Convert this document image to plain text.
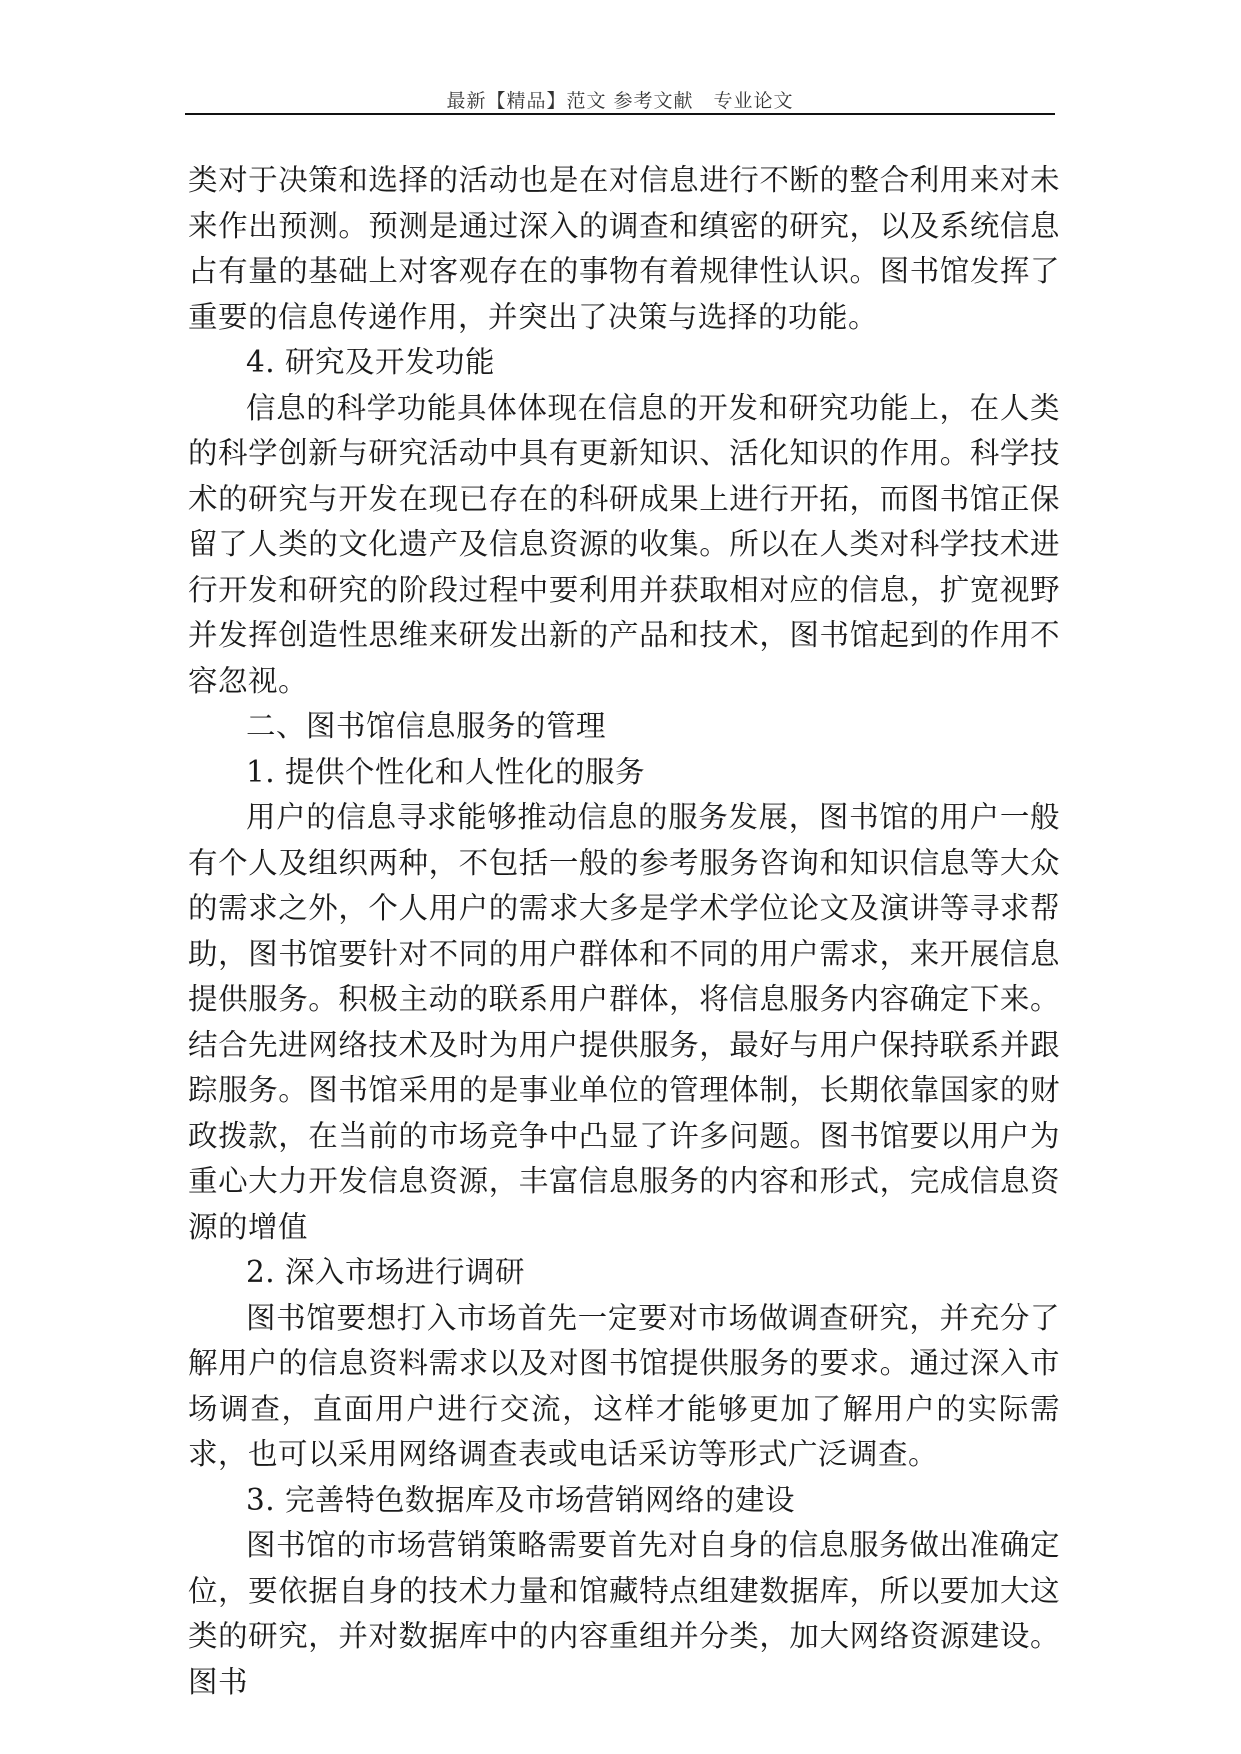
最新【精品】范文 参考文献　专业论文

类对于决策和选择的活动也是在对信息进行不断的整合利用来对未来作出预测。预测是通过深入的调查和缜密的研究，以及系统信息占有量的基础上对客观存在的事物有着规律性认识。图书馆发挥了重要的信息传递作用，并突出了决策与选择的功能。

4. 研究及开发功能

信息的科学功能具体体现在信息的开发和研究功能上，在人类的科学创新与研究活动中具有更新知识、活化知识的作用。科学技术的研究与开发在现已存在的科研成果上进行开拓，而图书馆正保留了人类的文化遗产及信息资源的收集。所以在人类对科学技术进行开发和研究的阶段过程中要利用并获取相对应的信息，扩宽视野并发挥创造性思维来研发出新的产品和技术，图书馆起到的作用不容忽视。

二、图书馆信息服务的管理

1. 提供个性化和人性化的服务

用户的信息寻求能够推动信息的服务发展，图书馆的用户一般有个人及组织两种，不包括一般的参考服务咨询和知识信息等大众的需求之外，个人用户的需求大多是学术学位论文及演讲等寻求帮助，图书馆要针对不同的用户群体和不同的用户需求，来开展信息提供服务。积极主动的联系用户群体，将信息服务内容确定下来。结合先进网络技术及时为用户提供服务，最好与用户保持联系并跟踪服务。图书馆采用的是事业单位的管理体制，长期依靠国家的财政拨款，在当前的市场竞争中凸显了许多问题。图书馆要以用户为重心大力开发信息资源，丰富信息服务的内容和形式，完成信息资源的增值

2. 深入市场进行调研

图书馆要想打入市场首先一定要对市场做调查研究，并充分了解用户的信息资料需求以及对图书馆提供服务的要求。通过深入市场调查，直面用户进行交流，这样才能够更加了解用户的实际需求，也可以采用网络调查表或电话采访等形式广泛调查。

3. 完善特色数据库及市场营销网络的建设

图书馆的市场营销策略需要首先对自身的信息服务做出准确定位，要依据自身的技术力量和馆藏特点组建数据库，所以要加大这类的研究，并对数据库中的内容重组并分类，加大网络资源建设。图书
